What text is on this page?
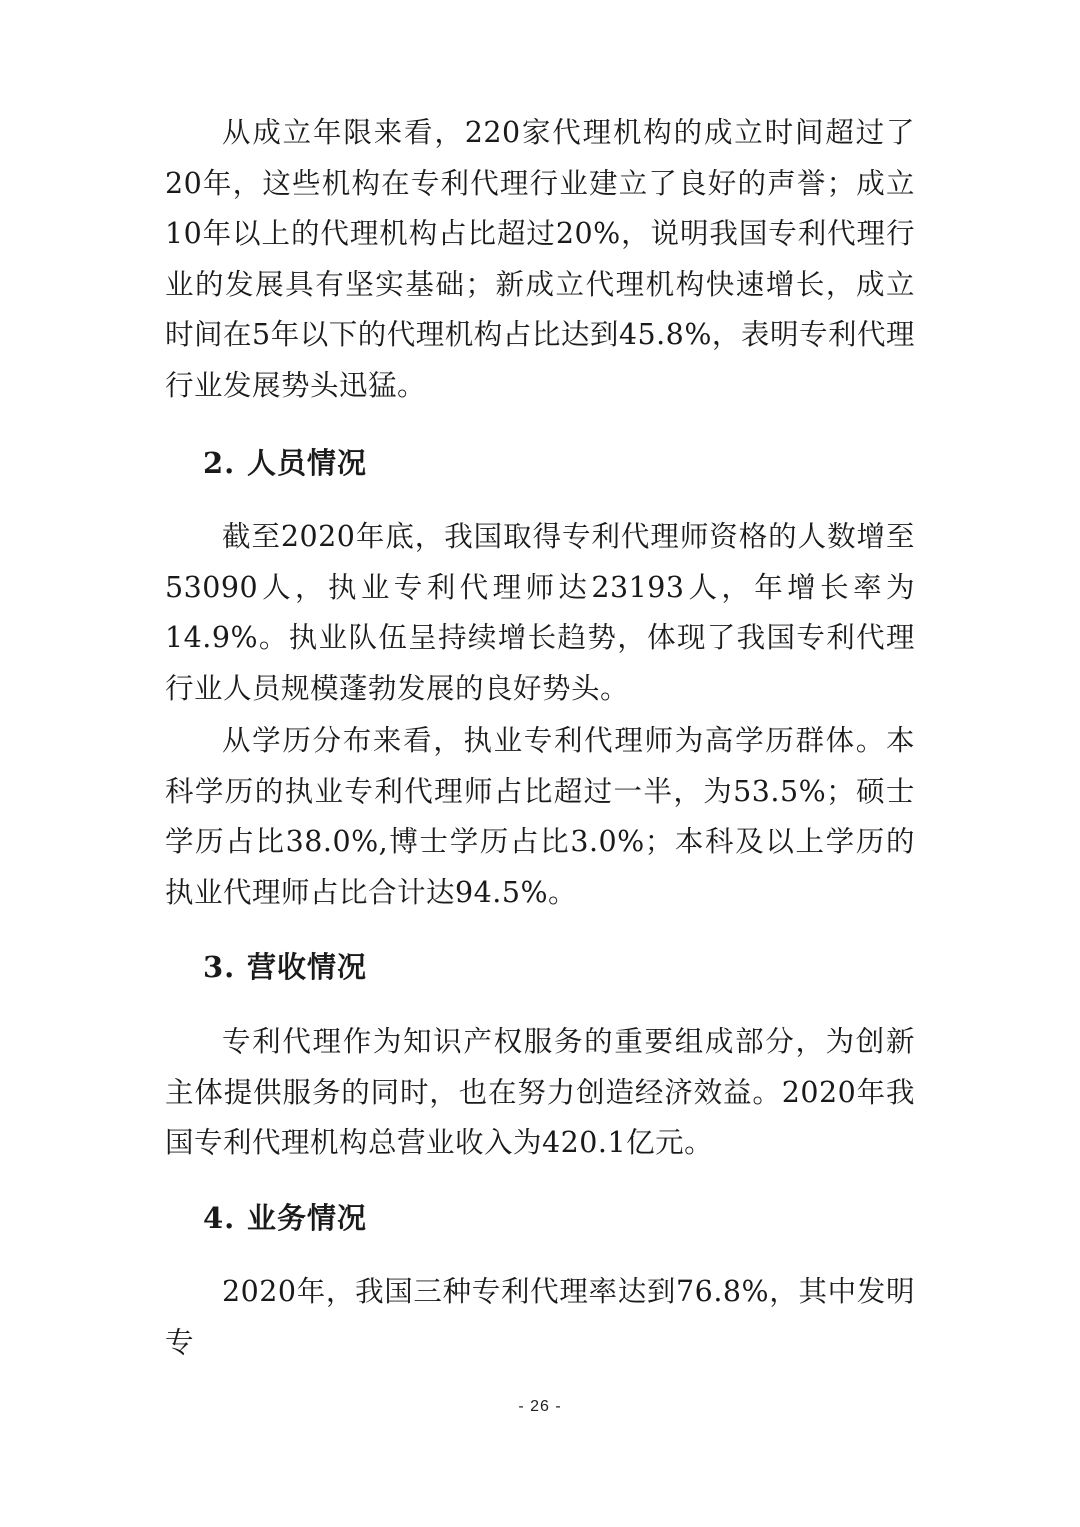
从成立年限来看，220家代理机构的成立时间超过了20年，这些机构在专利代理行业建立了良好的声誉；成立10年以上的代理机构占比超过20%，说明我国专利代理行业的发展具有坚实基础；新成立代理机构快速增长，成立时间在5年以下的代理机构占比达到45.8%，表明专利代理行业发展势头迅猛。

2. 人员情况

截至2020年底，我国取得专利代理师资格的人数增至53090人，执业专利代理师达23193人，年增长率为14.9%。执业队伍呈持续增长趋势，体现了我国专利代理行业人员规模蓬勃发展的良好势头。

从学历分布来看，执业专利代理师为高学历群体。本科学历的执业专利代理师占比超过一半，为53.5%；硕士学历占比38.0%,博士学历占比3.0%；本科及以上学历的执业代理师占比合计达94.5%。

3. 营收情况

专利代理作为知识产权服务的重要组成部分，为创新主体提供服务的同时，也在努力创造经济效益。2020年我国专利代理机构总营业收入为420.1亿元。

4. 业务情况

2020年，我国三种专利代理率达到76.8%，其中发明专

- 26 -
